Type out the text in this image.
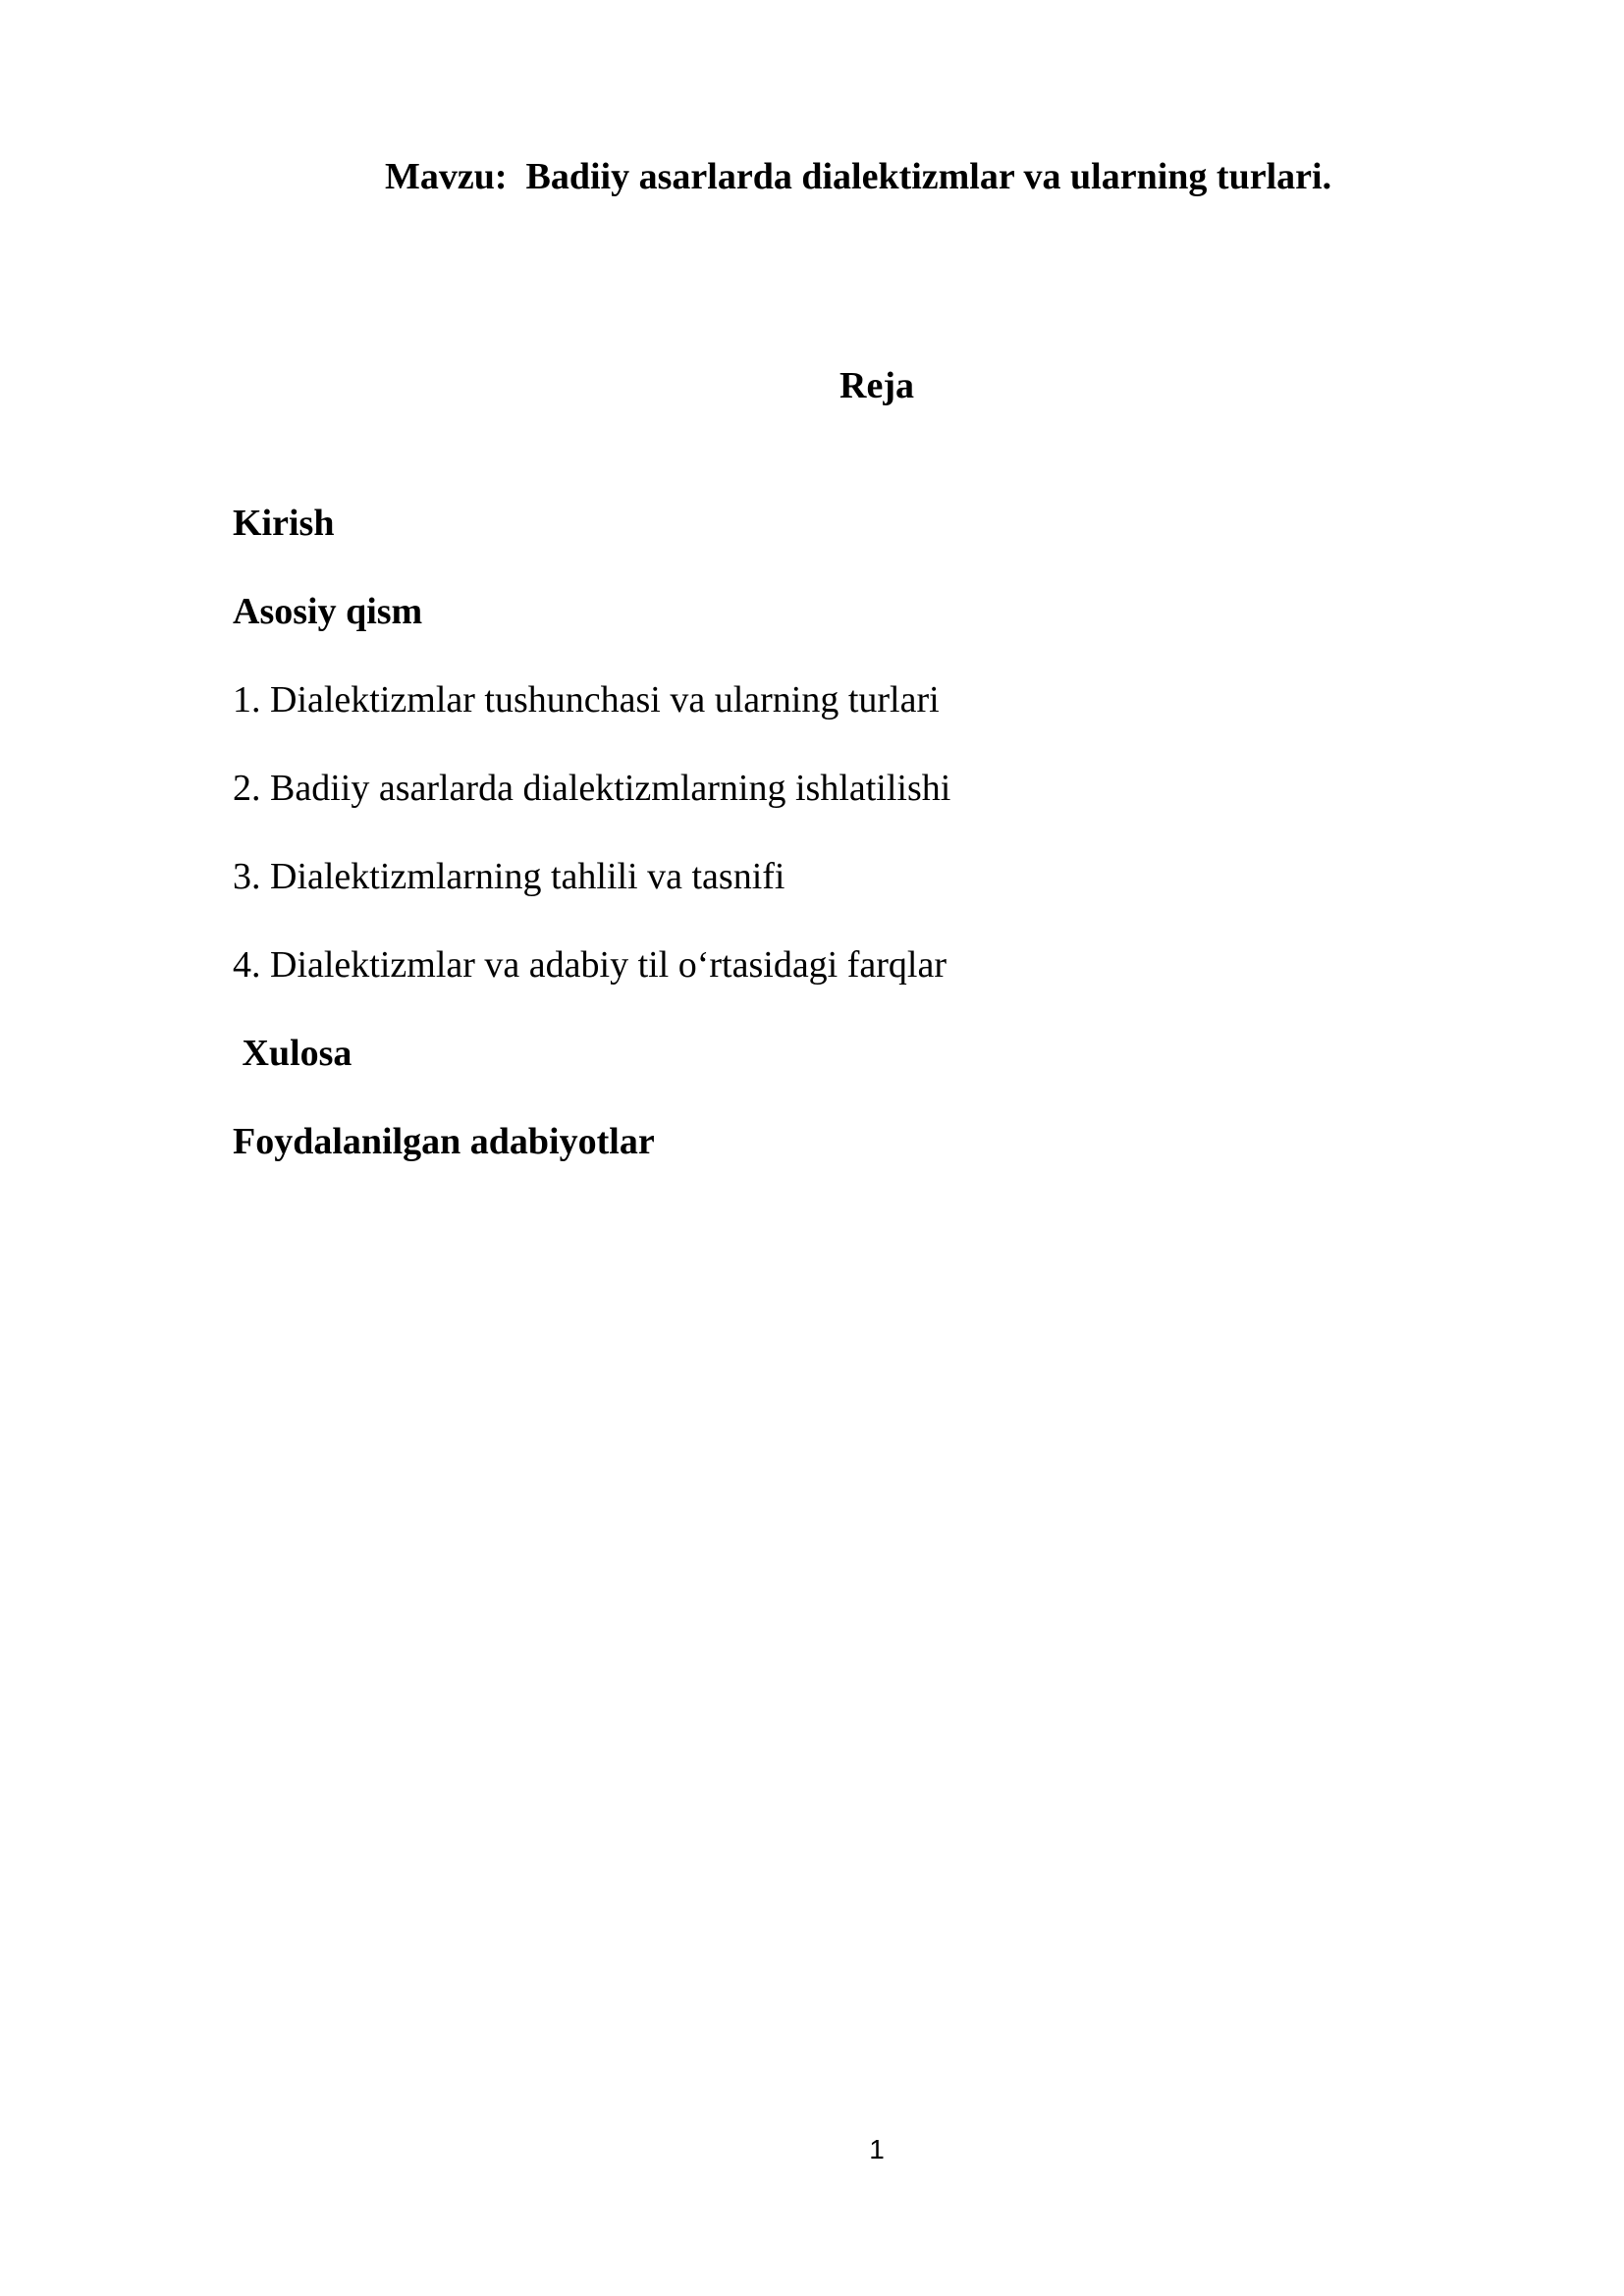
Mavzu:  Badiiy asarlarda dialektizmlar va ularning turlari.
Reja
Kirish
Asosiy qism
1. Dialektizmlar tushunchasi va ularning turlari
2. Badiiy asarlarda dialektizmlarning ishlatilishi
3. Dialektizmlarning tahlili va tasnifi
4. Dialektizmlar va adabiy til o‘rtasidagi farqlar
Xulosa
Foydalanilgan adabiyotlar
1
